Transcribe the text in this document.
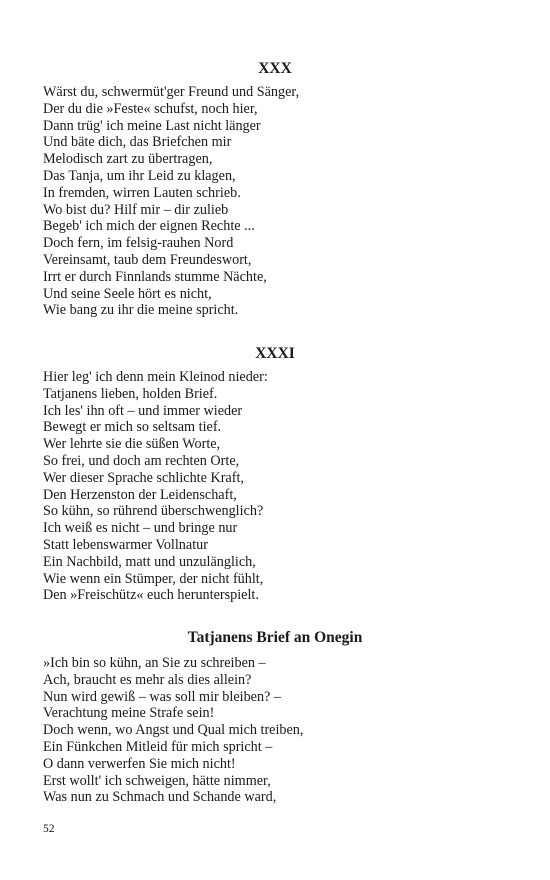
XXX
Wärst du, schwermüt'ger Freund und Sänger,
Der du die »Feste« schufst, noch hier,
Dann trüg' ich meine Last nicht länger
Und bäte dich, das Briefchen mir
Melodisch zart zu übertragen,
Das Tanja, um ihr Leid zu klagen,
In fremden, wirren Lauten schrieb.
Wo bist du? Hilf mir – dir zulieb
Begeb' ich mich der eignen Rechte ...
Doch fern, im felsig-rauhen Nord
Vereinsamt, taub dem Freundeswort,
Irrt er durch Finnlands stumme Nächte,
Und seine Seele hört es nicht,
Wie bang zu ihr die meine spricht.
XXXI
Hier leg' ich denn mein Kleinod nieder:
Tatjanens lieben, holden Brief.
Ich les' ihn oft – und immer wieder
Bewegt er mich so seltsam tief.
Wer lehrte sie die süßen Worte,
So frei, und doch am rechten Orte,
Wer dieser Sprache schlichte Kraft,
Den Herzenston der Leidenschaft,
So kühn, so rührend überschwenglich?
Ich weiß es nicht – und bringe nur
Statt lebenswarmer Vollnatur
Ein Nachbild, matt und unzulänglich,
Wie wenn ein Stümper, der nicht fühlt,
Den »Freischütz« euch herunterspielt.
Tatjanens Brief an Onegin
»Ich bin so kühn, an Sie zu schreiben –
Ach, braucht es mehr als dies allein?
Nun wird gewiß – was soll mir bleiben? –
Verachtung meine Strafe sein!
Doch wenn, wo Angst und Qual mich treiben,
Ein Fünkchen Mitleid für mich spricht –
O dann verwerfen Sie mich nicht!
Erst wollt' ich schweigen, hätte nimmer,
Was nun zu Schmach und Schande ward,
52
